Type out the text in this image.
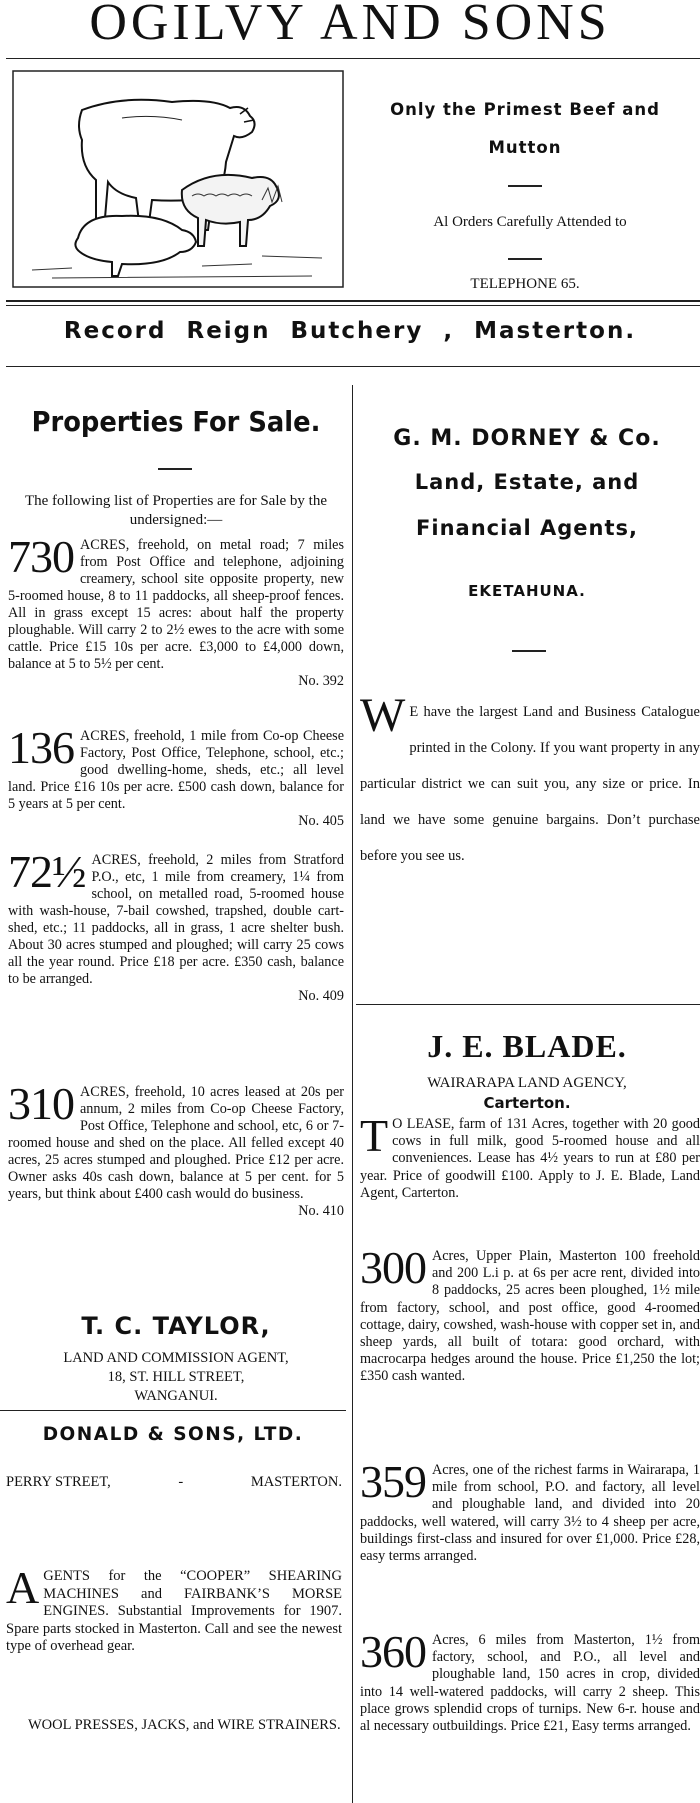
OGILVY AND SONS
Only the Primest Beef and
Mutton
Al Orders Carefully Attended to
TELEPHONE 65.
Record Reign Butchery , Masterton.
Properties For Sale.
The following list of Properties are for Sale by the undersigned:—
730 ACRES, freehold, on metal road; 7 miles from Post Office and telephone, adjoining creamery, school site opposite property, new 5-roomed house, 8 to 11 paddocks, all sheep-proof fences. All in grass except 15 acres: about half the property ploughable. Will carry 2 to 2½ ewes to the acre with some cattle. Price £15 10s per acre. £3,000 to £4,000 down, balance at 5 to 5½ per cent.
No. 392
136 ACRES, freehold, 1 mile from Co-op Cheese Factory, Post Office, Telephone, school, etc.; good dwelling-home, sheds, etc.; all level land. Price £16 10s per acre. £500 cash down, balance for 5 years at 5 per cent.
No. 405
72½ ACRES, freehold, 2 miles from Stratford P.O., etc, 1 mile from creamery, 1¼ from school, on metalled road, 5-roomed house with wash-house, 7-bail cowshed, trapshed, double cart-shed, etc.; 11 paddocks, all in grass, 1 acre shelter bush. About 30 acres stumped and ploughed; will carry 25 cows all the year round. Price £18 per acre. £350 cash, balance to be arranged.
No. 409
310 ACRES, freehold, 10 acres leased at 20s per annum, 2 miles from Co-op Cheese Factory, Post Office, Telephone and school, etc, 6 or 7-roomed house and shed on the place. All felled except 40 acres, 25 acres stumped and ploughed. Price £12 per acre. Owner asks 40s cash down, balance at 5 per cent. for 5 years, but think about £400 cash would do business.
No. 410
T. C. TAYLOR,
LAND AND COMMISSION AGENT,
18, ST. HILL STREET,
WANGANUI.
DONALD & SONS, LTD.
PERRY STREET,	-	MASTERTON.
A GENTS for the “COOPER” SHEARING MACHINES and FAIRBANK’S MORSE ENGINES. Substantial Improvements for 1907. Spare parts stocked in Masterton. Call and see the newest type of overhead gear.
WOOL PRESSES, JACKS, and WIRE STRAINERS.
G. M. DORNEY & Co.
Land, Estate, and
Financial Agents,
EKETAHUNA.
W E have the largest Land and Business Catalogue printed in the Colony. If you want property in any particular district we can suit you, any size or price. In land we have some genuine bargains. Don’t purchase before you see us.
J. E. BLADE.
WAIRARAPA LAND AGENCY,
Carterton.
T O LEASE, farm of 131 Acres, together with 20 good cows in full milk, good 5-roomed house and all conveniences. Lease has 4½ years to run at £80 per year. Price of goodwill £100. Apply to J. E. Blade, Land Agent, Carterton.
300 Acres, Upper Plain, Masterton 100 freehold and 200 L.i p. at 6s per acre rent, divided into 8 paddocks, 25 acres been ploughed, 1½ mile from factory, school, and post office, good 4-roomed cottage, dairy, cowshed, wash-house with copper set in, and sheep yards, all built of totara: good orchard, with macrocarpa hedges around the house. Price £1,250 the lot; £350 cash wanted.
359 Acres, one of the richest farms in Wairarapa, 1 mile from school, P.O. and factory, all level and ploughable land, and divided into 20 paddocks, well watered, will carry 3½ to 4 sheep per acre, buildings first-class and insured for over £1,000. Price £28, easy terms arranged.
360 Acres, 6 miles from Masterton, 1½ from factory, school, and P.O., all level and ploughable land, 150 acres in crop, divided into 14 well-watered paddocks, will carry 2 sheep. This place grows splendid crops of turnips. New 6-r. house and al necessary outbuildings. Price £21, Easy terms arranged.
